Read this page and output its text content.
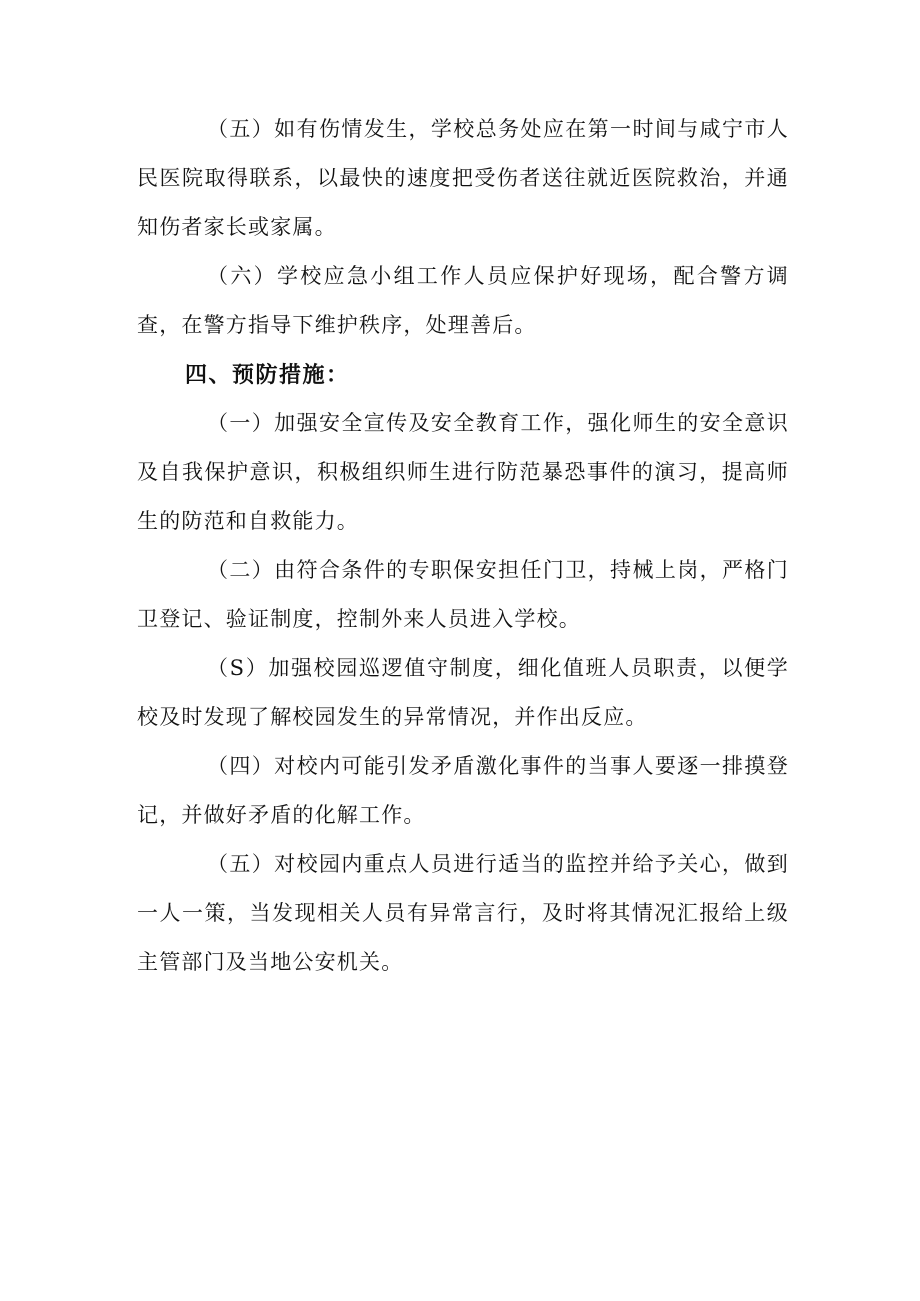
（五）如有伤情发生，学校总务处应在第一时间与咸宁市人民医院取得联系，以最快的速度把受伤者送往就近医院救治，并通知伤者家长或家属。

（六）学校应急小组工作人员应保护好现场，配合警方调查，在警方指导下维护秩序，处理善后。

四、预防措施：

（一）加强安全宣传及安全教育工作，强化师生的安全意识及自我保护意识，积极组织师生进行防范暴恐事件的演习，提高师生的防范和自救能力。

（二）由符合条件的专职保安担任门卫，持械上岗，严格门卫登记、验证制度，控制外来人员进入学校。

（S）加强校园巡逻值守制度，细化值班人员职责，以便学校及时发现了解校园发生的异常情况，并作出反应。

（四）对校内可能引发矛盾激化事件的当事人要逐一排摸登记，并做好矛盾的化解工作。

（五）对校园内重点人员进行适当的监控并给予关心，做到一人一策，当发现相关人员有异常言行，及时将其情况汇报给上级主管部门及当地公安机关。
